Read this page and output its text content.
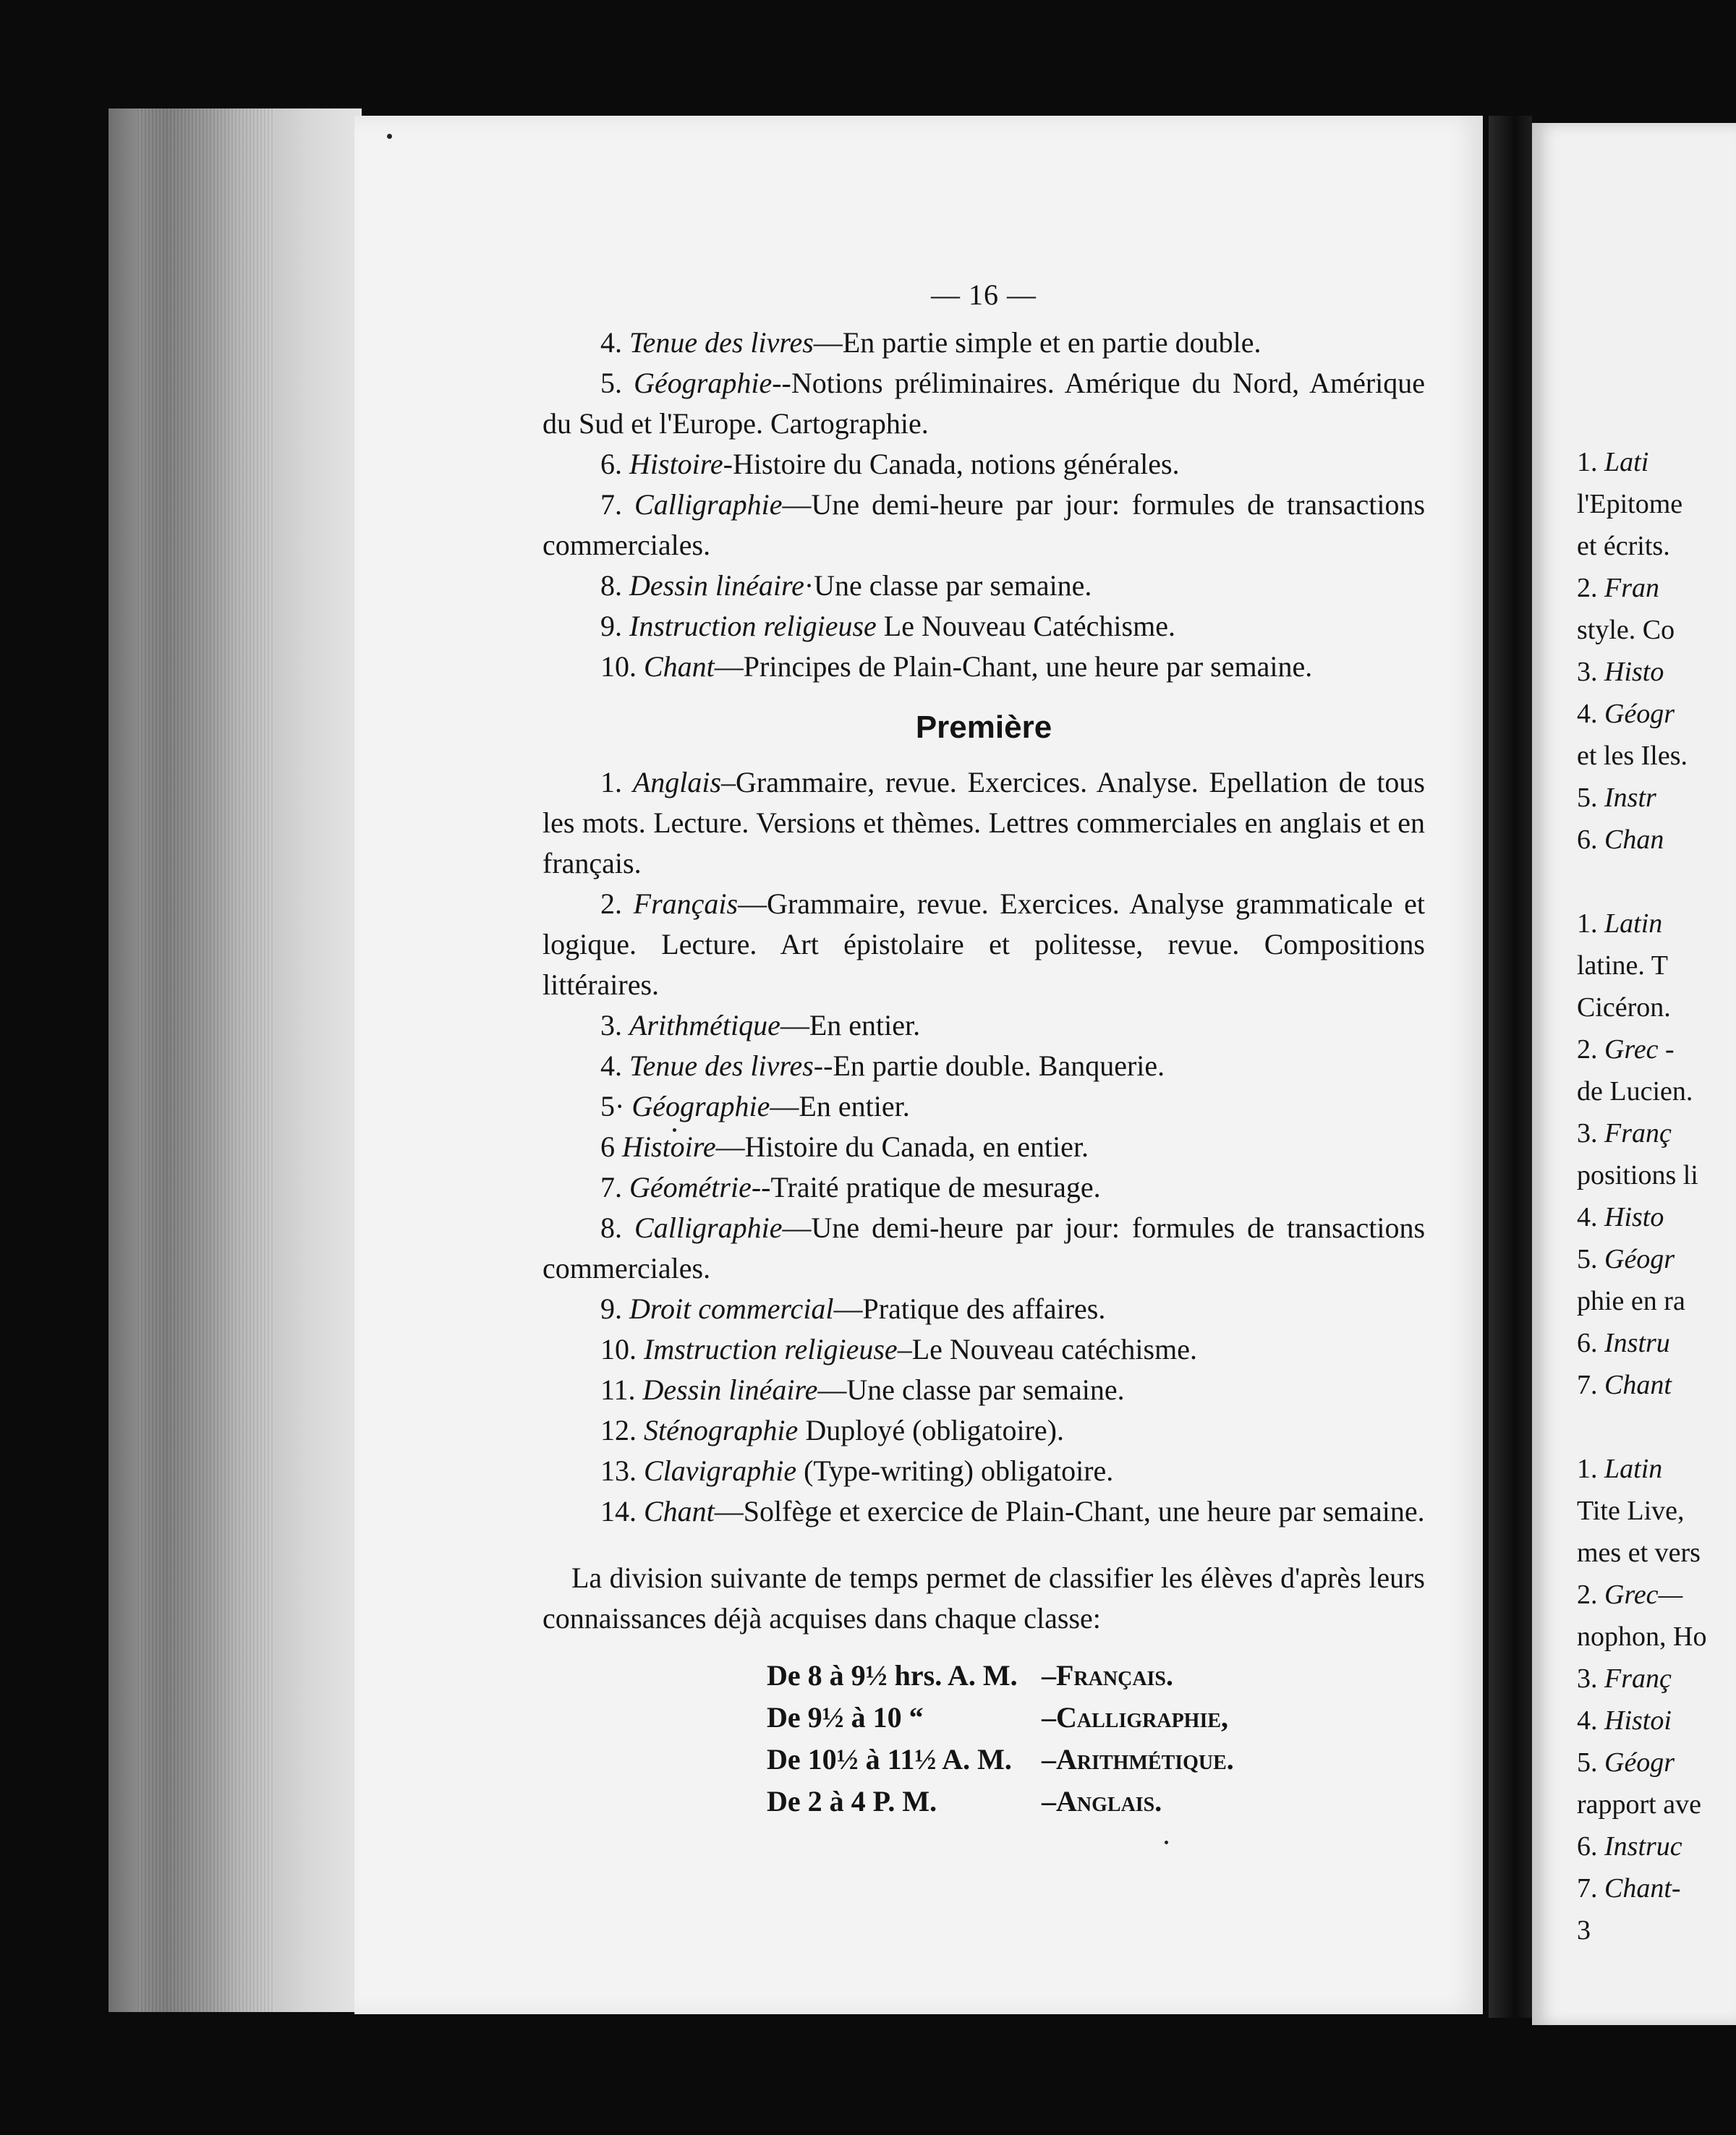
— 16 —

4. Tenue des livres—En partie simple et en partie double.

5. Géographie--Notions préliminaires. Amérique du Nord, Amérique du Sud et l'Europe. Cartographie.

6. Histoire-Histoire du Canada, notions générales.

7. Calligraphie—Une demi-heure par jour: formules de transactions commerciales.

8. Dessin linéaire·Une classe par semaine.

9. Instruction religieuse Le Nouveau Catéchisme.

10. Chant—Principes de Plain-Chant, une heure par semaine.

Première

1. Anglais–Grammaire, revue. Exercices. Analyse. Epellation de tous les mots. Lecture. Versions et thèmes. Lettres commerciales en anglais et en français.

2. Français—Grammaire, revue. Exercices. Analyse grammaticale et logique. Lecture. Art épistolaire et politesse, revue. Compositions littéraires.

3. Arithmétique—En entier.

4. Tenue des livres--En partie double. Banquerie.

5· Géographie—En entier.

6 Histoire—Histoire du Canada, en entier.

7. Géométrie--Traité pratique de mesurage.

8. Calligraphie—Une demi-heure par jour: formules de transactions commerciales.

9. Droit commercial—Pratique des affaires.

10. Imstruction religieuse–Le Nouveau catéchisme.

11. Dessin linéaire—Une classe par semaine.

12. Sténographie Duployé (obligatoire).

13. Clavigraphie (Type-writing) obligatoire.

14. Chant—Solfège et exercice de Plain-Chant, une heure par semaine.

La division suivante de temps permet de classifier les élèves d'après leurs connaissances déjà acquises dans chaque classe:

De 8 à 9½ hrs. A. M. –Français.
De 9½ à 10 “	–Calligraphie,
De 10½ à 11½ A. M. –Arithmétique.
De 2 à 4 P. M.	–Anglais.
1. Lati
l'Epitome
et écrits.
2. Fran
style. Co
3. Histo
4. Géogr
et les Iles.
5. Instr
6. Chan
1. Latin
latine. T
Cicéron.
2. Grec -
de Lucien.
3. Franç
positions li
4. Histo
5. Géogr
phie en ra
6. Instru
7. Chant
1. Latin
Tite Live,
mes et vers
2. Grec—
nophon, Ho
3. Franç
4. Histoi
5. Géogr
rapport ave
6. Instruc
7. Chant-
3
